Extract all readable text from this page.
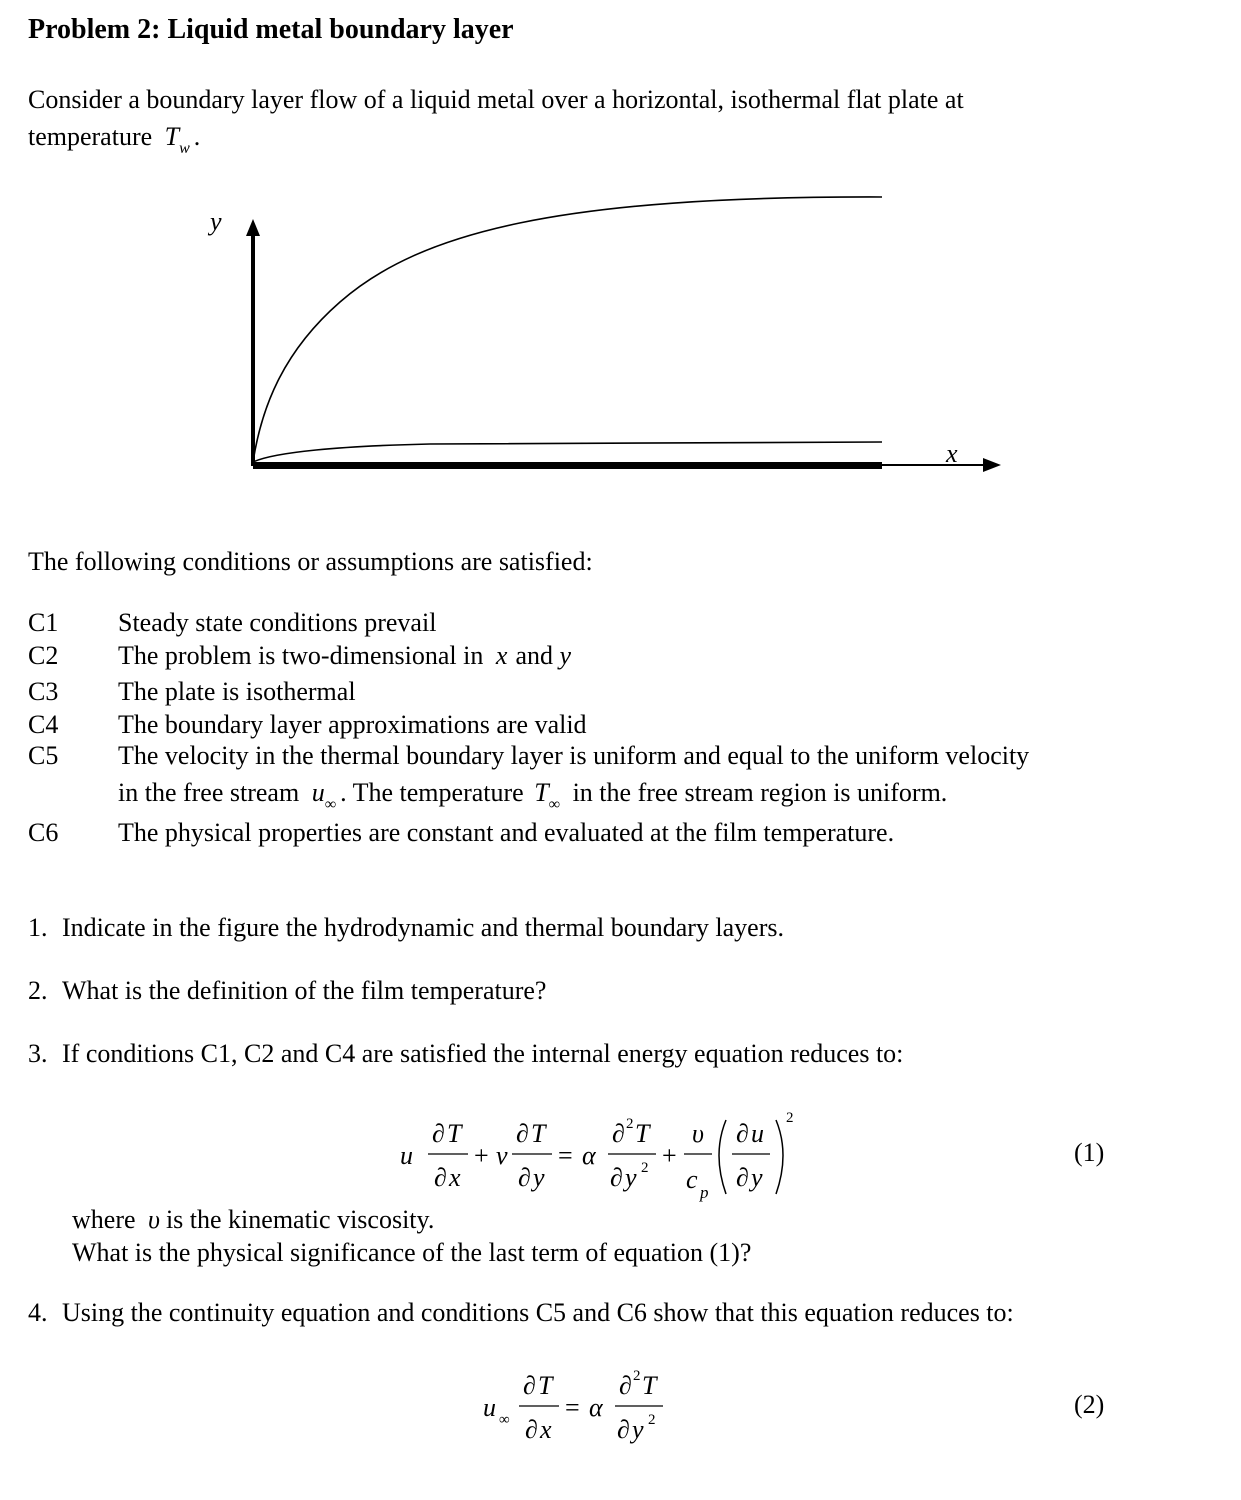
Problem 2: Liquid metal boundary layer
Consider a boundary layer flow of a liquid metal over a horizontal, isothermal flat plate at
temperature $T_w$ .
y
x
The following conditions or assumptions are satisfied:
C1 Steady state conditions prevail
C2 The problem is two-dimensional in x and y
C3 The plate is isothermal
C4 The boundary layer approximations are valid
C5 The velocity in the thermal boundary layer is uniform and equal to the uniform velocity
in the free stream $u_\infty$ . The temperature $T_\infty$ in the free stream region is uniform.
C6 The physical properties are constant and evaluated at the film temperature.
1. Indicate in the figure the hydrodynamic and thermal boundary layers.
2. What is the definition of the film temperature?
3. If conditions C1, C2 and C4 are satisfied the internal energy equation reduces to:
u
∂ T
∂ x
+ v
∂ T
∂ y
= α
∂ 2 T
∂ y 2 +
υ
c p
∂ u
∂ y
2
(1)
where υ is the kinematic viscosity.
What is the physical significance of the last term of equation (1)?
4. Using the continuity equation and conditions C5 and C6 show that this equation reduces to:
u ∞
∂ T
∂ x
= α
∂ 2 T
∂ y 2
(2)
